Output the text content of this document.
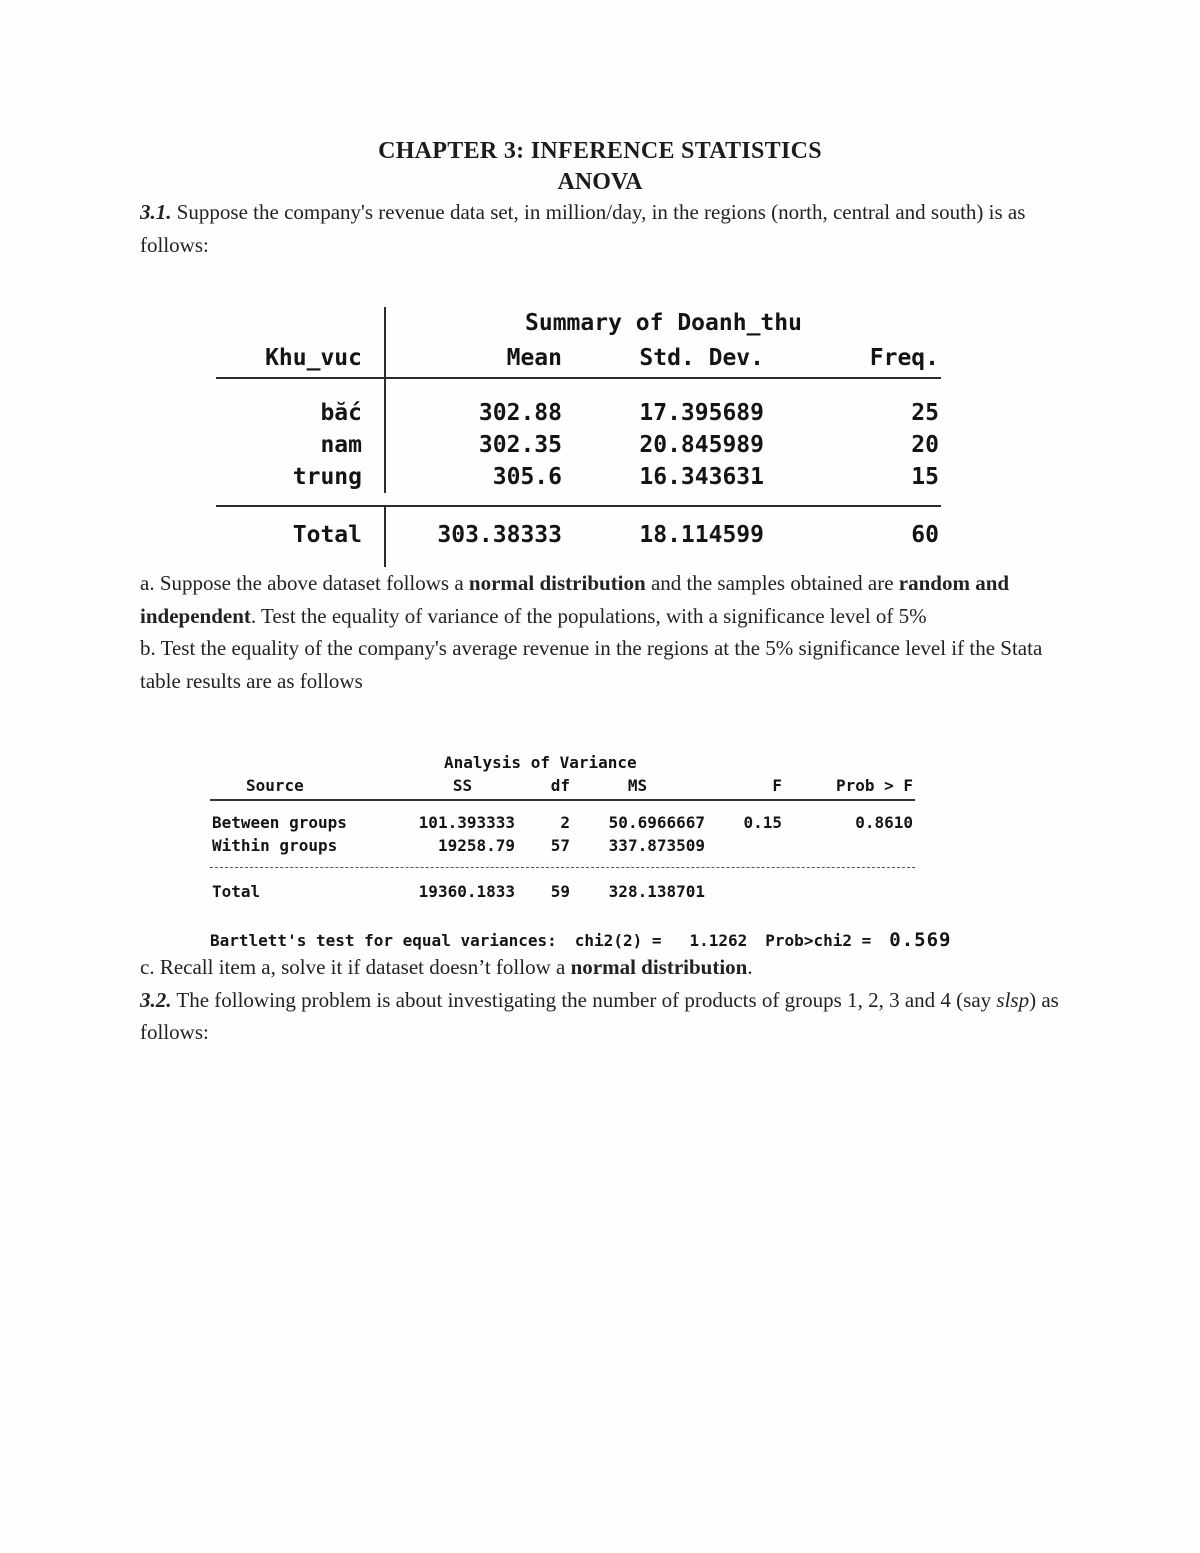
CHAPTER 3: INFERENCE STATISTICS
ANOVA

3.1. Suppose the company's revenue data set, in million/day, in the regions (north, central and south) is as follows:

Summary of Doanh_thu
Khu_vuc	Mean	Std. Dev.	Freq.
bắc	302.88	17.395689	25
nam	302.35	20.845989	20
trung	305.6	16.343631	15
Total	303.38333	18.114599	60

a. Suppose the above dataset follows a normal distribution and the samples obtained are random and independent. Test the equality of variance of the populations, with a significance level of 5%

b. Test the equality of the company's average revenue in the regions at the 5% significance level if the Stata table results are as follows

Analysis of Variance
Source	SS	df	MS	F	Prob > F
Between groups	101.393333	2	50.6966667	0.15	0.8610
Within groups	19258.79	57	337.873509
Total	19360.1833	59	328.138701
Bartlett's test for equal variances: chi2(2) = 1.1262 Prob>chi2 = 0.569

c. Recall item a, solve it if dataset doesn’t follow a normal distribution.

3.2. The following problem is about investigating the number of products of groups 1, 2, 3 and 4 (say slsp) as follows:
